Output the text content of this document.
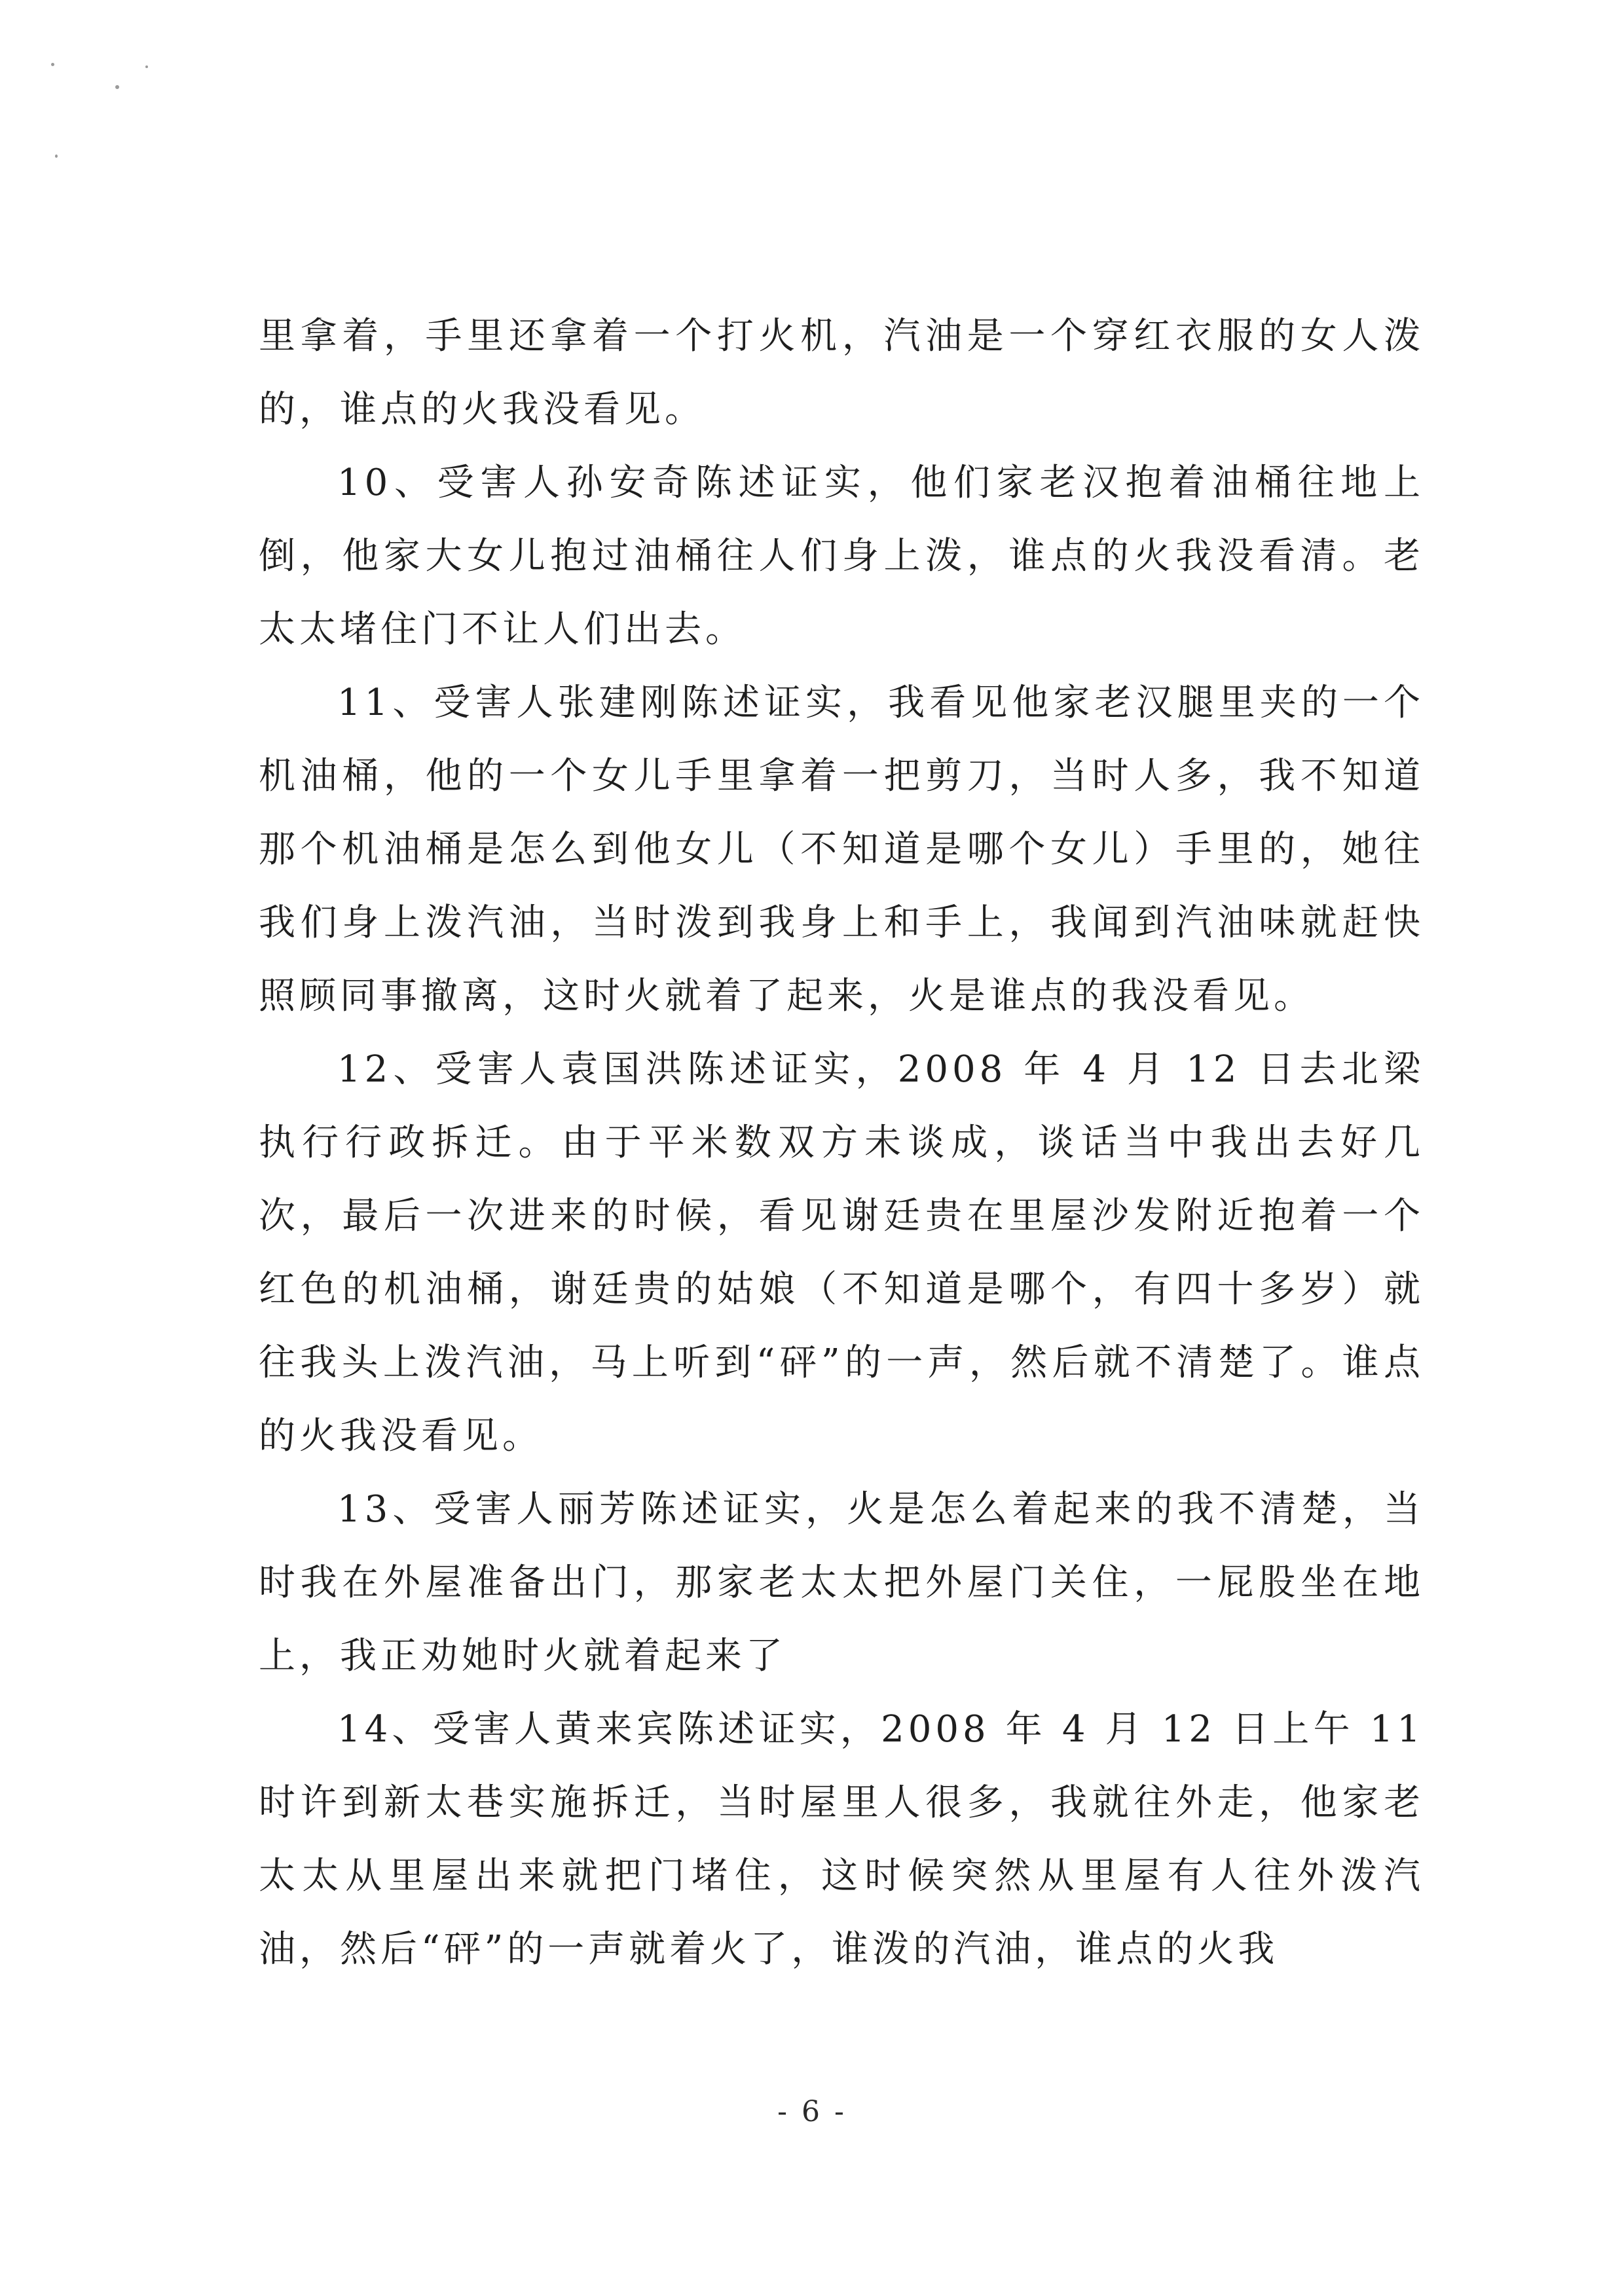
里拿着，手里还拿着一个打火机，汽油是一个穿红衣服的女人泼的，谁点的火我没看见。

10、受害人孙安奇陈述证实，他们家老汉抱着油桶往地上倒，他家大女儿抱过油桶往人们身上泼，谁点的火我没看清。老太太堵住门不让人们出去。

11、受害人张建刚陈述证实，我看见他家老汉腿里夹的一个机油桶，他的一个女儿手里拿着一把剪刀，当时人多，我不知道那个机油桶是怎么到他女儿（不知道是哪个女儿）手里的，她往我们身上泼汽油，当时泼到我身上和手上，我闻到汽油味就赶快照顾同事撤离，这时火就着了起来，火是谁点的我没看见。

12、受害人袁国洪陈述证实，2008 年 4 月 12 日去北梁执行行政拆迁。由于平米数双方未谈成，谈话当中我出去好几次，最后一次进来的时候，看见谢廷贵在里屋沙发附近抱着一个红色的机油桶，谢廷贵的姑娘（不知道是哪个，有四十多岁）就往我头上泼汽油，马上听到“砰”的一声，然后就不清楚了。谁点的火我没看见。

13、受害人丽芳陈述证实，火是怎么着起来的我不清楚，当时我在外屋准备出门，那家老太太把外屋门关住，一屁股坐在地上，我正劝她时火就着起来了

14、受害人黄来宾陈述证实，2008 年 4 月 12 日上午 11 时许到新太巷实施拆迁，当时屋里人很多，我就往外走，他家老太太从里屋出来就把门堵住，这时候突然从里屋有人往外泼汽油，然后“砰”的一声就着火了，谁泼的汽油，谁点的火我

- 6 -
